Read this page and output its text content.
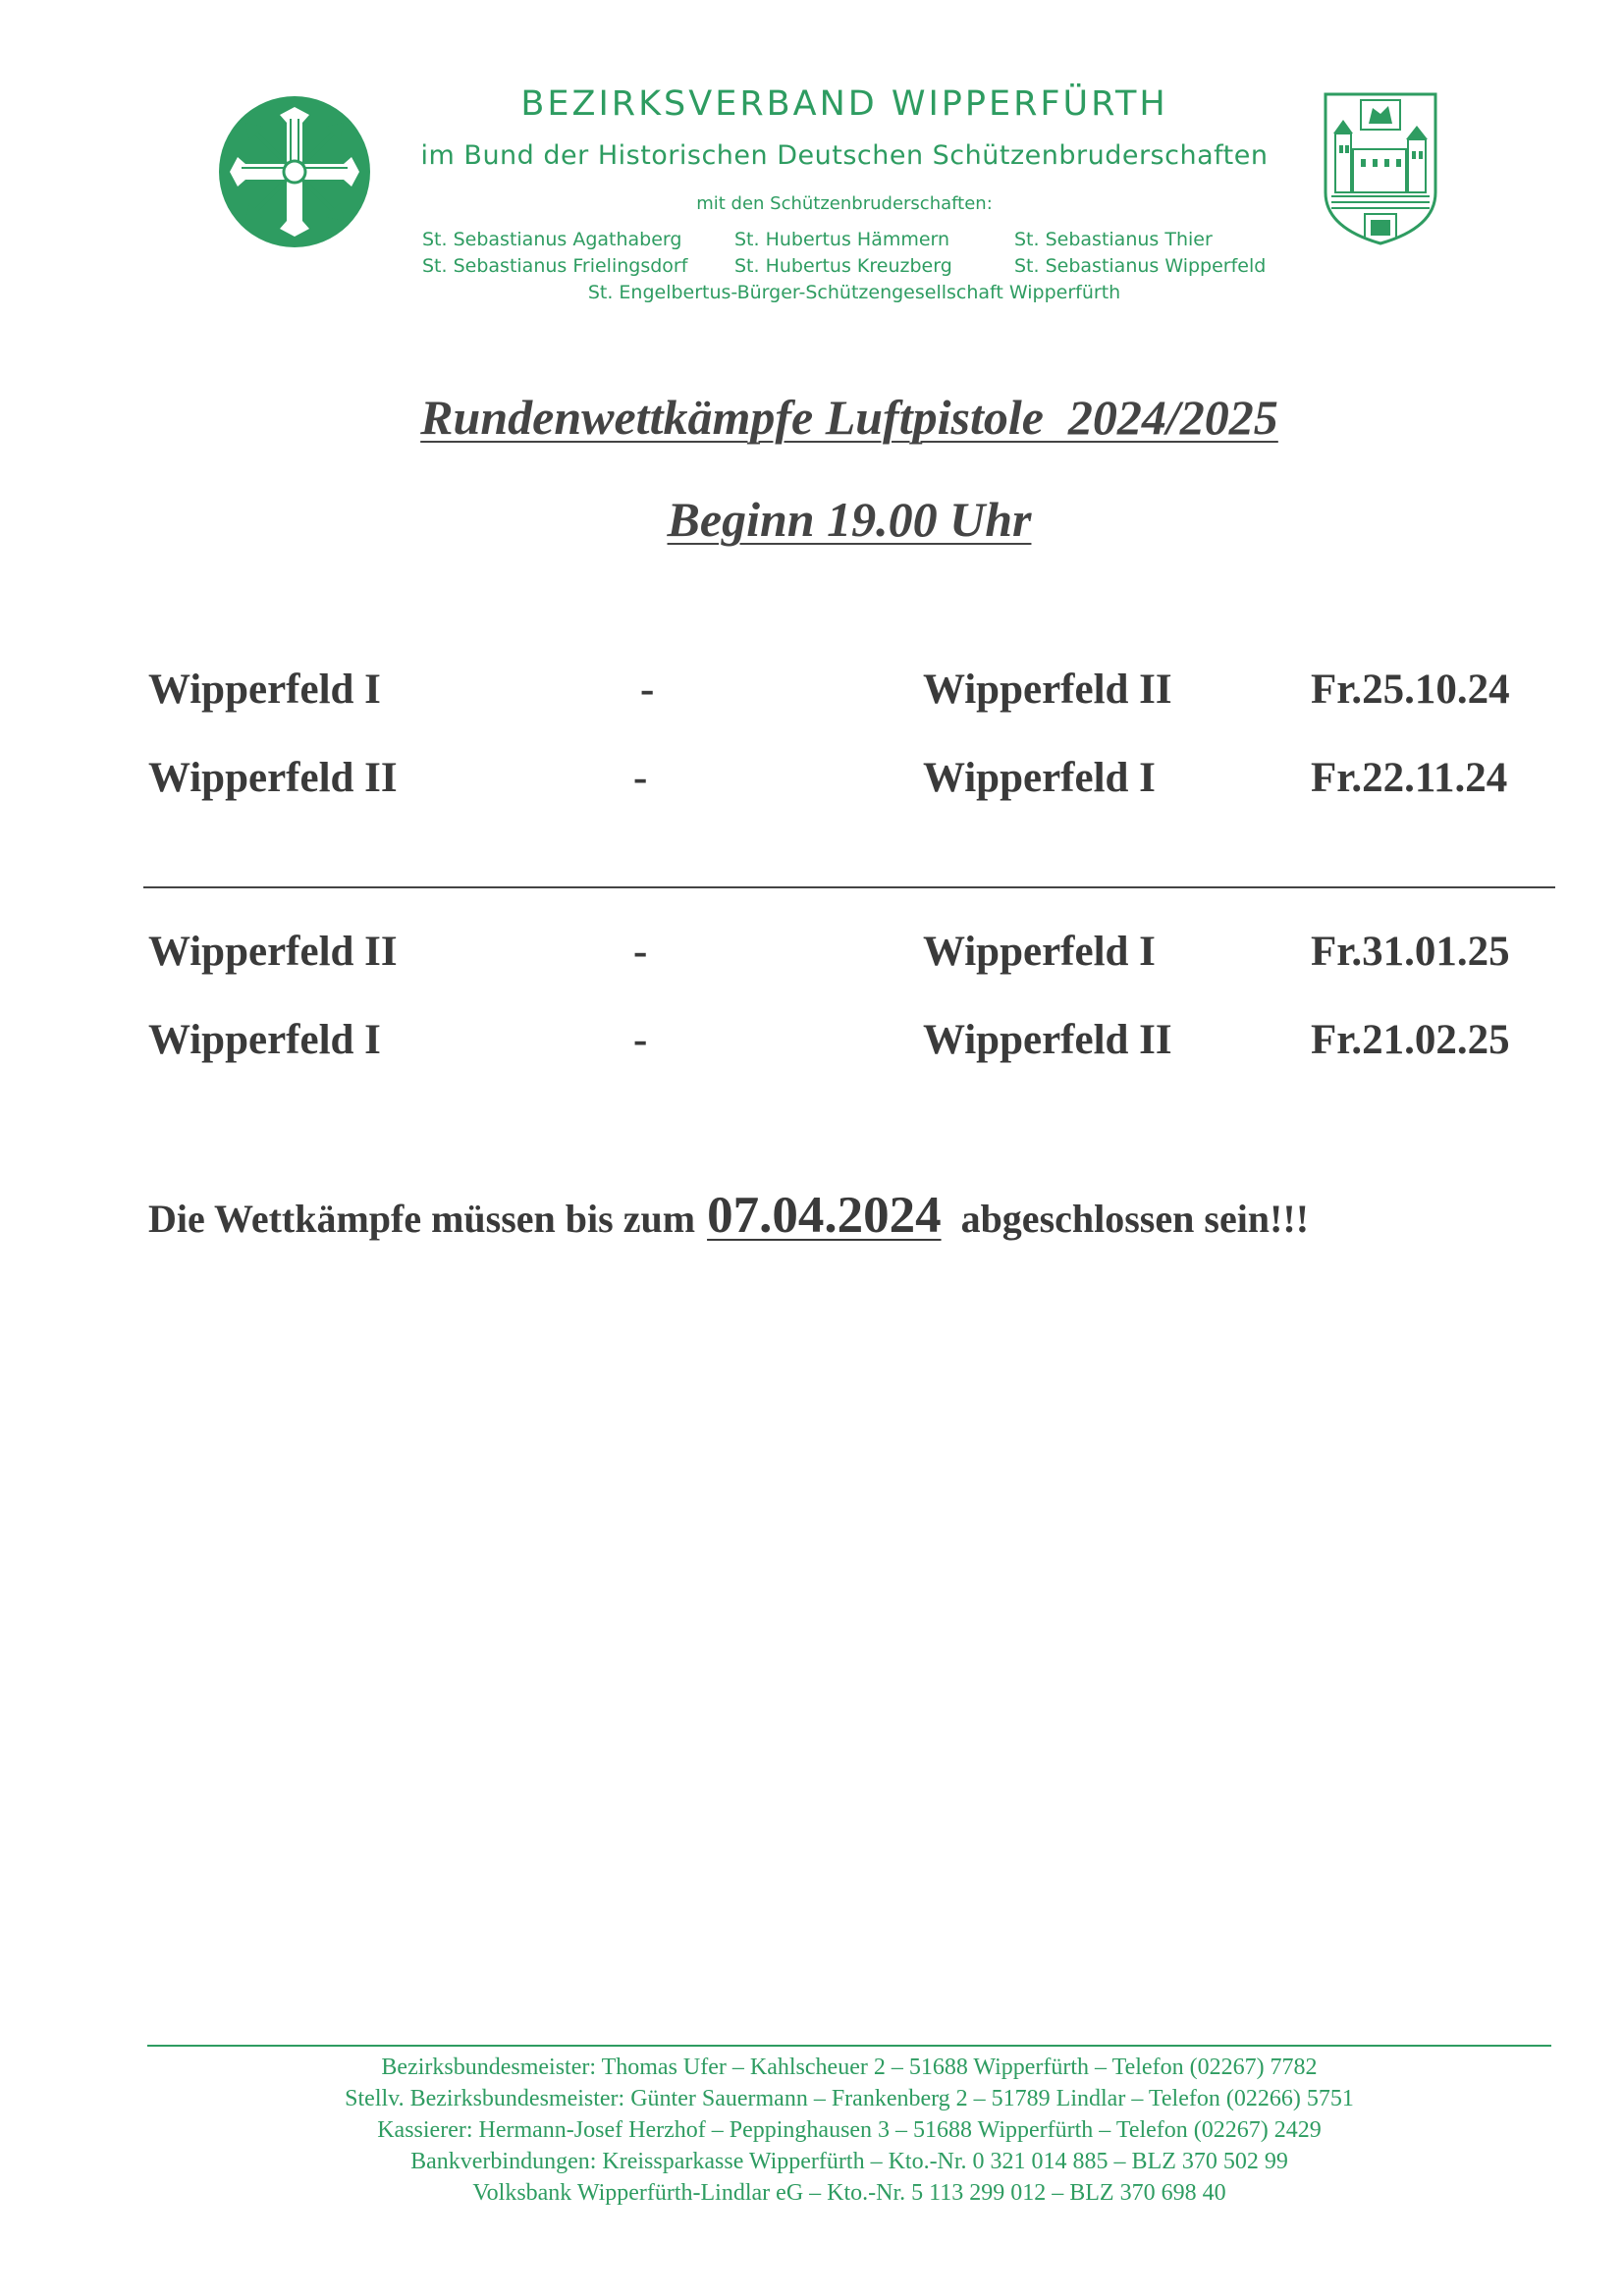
BEZIRKSVERBAND WIPPERFÜRTH
im Bund der Historischen Deutschen Schützenbruderschaften
mit den Schützenbruderschaften:
St. Sebastianus Agathaberg	St. Hubertus Hämmern	St. Sebastianus Thier
St. Sebastianus Frielingsdorf	St. Hubertus Kreuzberg	St. Sebastianus Wipperfeld
St. Engelbertus-Bürger-Schützengesellschaft Wipperfürth
Rundenwettkämpfe Luftpistole  2024/2025
Beginn 19.00 Uhr
Wipperfeld I	-	Wipperfeld II	Fr.25.10.24
Wipperfeld II	-	Wipperfeld I	Fr.22.11.24
Wipperfeld II	-	Wipperfeld I	Fr.31.01.25
Wipperfeld I	-	Wipperfeld II	Fr.21.02.25
Die Wettkämpfe müssen bis zum 07.04.2024 abgeschlossen sein!!!
Bezirksbundesmeister: Thomas Ufer – Kahlscheuer 2 – 51688 Wipperfürth – Telefon (02267) 7782
Stellv. Bezirksbundesmeister: Günter Sauermann – Frankenberg 2 – 51789 Lindlar – Telefon (02266) 5751
Kassierer: Hermann-Josef Herzhof – Peppinghausen 3 – 51688 Wipperfürth – Telefon (02267) 2429
Bankverbindungen: Kreissparkasse Wipperfürth – Kto.-Nr. 0 321 014 885 – BLZ 370 502 99
Volksbank Wipperfürth-Lindlar eG – Kto.-Nr. 5 113 299 012 – BLZ 370 698 40
